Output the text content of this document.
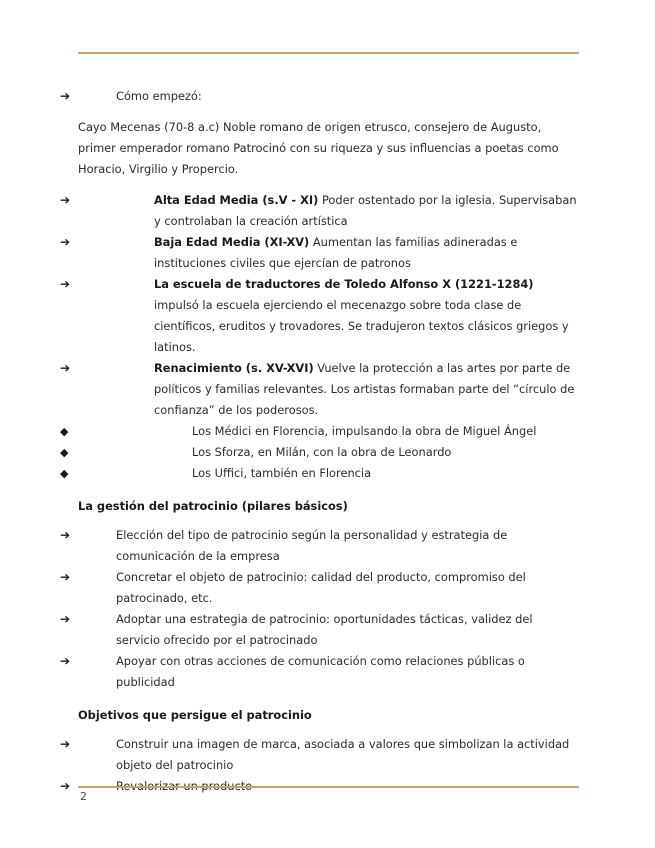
➔	Cómo empezó:

Cayo Mecenas (70-8 a.c) Noble romano de origen etrusco, consejero de Augusto, primer emperador romano Patrocinó con su riqueza y sus influencias a poetas como Horacio, Virgilio y Propercio.

➔	Alta Edad Media (s.V - XI) Poder ostentado por la iglesia. Supervisaban y controlaban la creación artística
➔	Baja Edad Media (XI-XV) Aumentan las familias adineradas e instituciones civiles que ejercían de patronos
➔	La escuela de traductores de Toledo Alfonso X (1221-1284) impulsó la escuela ejerciendo el mecenazgo sobre toda clase de científicos, eruditos y trovadores. Se tradujeron textos clásicos griegos y latinos.
➔	Renacimiento (s. XV-XVI) Vuelve la protección a las artes por parte de políticos y familias relevantes. Los artistas formaban parte del “círculo de confianza” de los poderosos.
◆	Los Médici en Florencia, impulsando la obra de Miguel Ángel
◆	Los Sforza, en Milán, con la obra de Leonardo
◆	Los Uffici, también en Florencia

La gestión del patrocinio (pilares básicos)

➔	Elección del tipo de patrocinio según la personalidad y estrategia de comunicación de la empresa
➔	Concretar el objeto de patrocinio: calidad del producto, compromiso del patrocinado, etc.
➔	Adoptar una estrategia de patrocinio: oportunidades tácticas, validez del servicio ofrecido por el patrocinado
➔	Apoyar con otras acciones de comunicación como relaciones públicas o publicidad

Objetivos que persigue el patrocinio

➔	Construir una imagen de marca, asociada a valores que simbolizan la actividad objeto del patrocinio
➔
2
